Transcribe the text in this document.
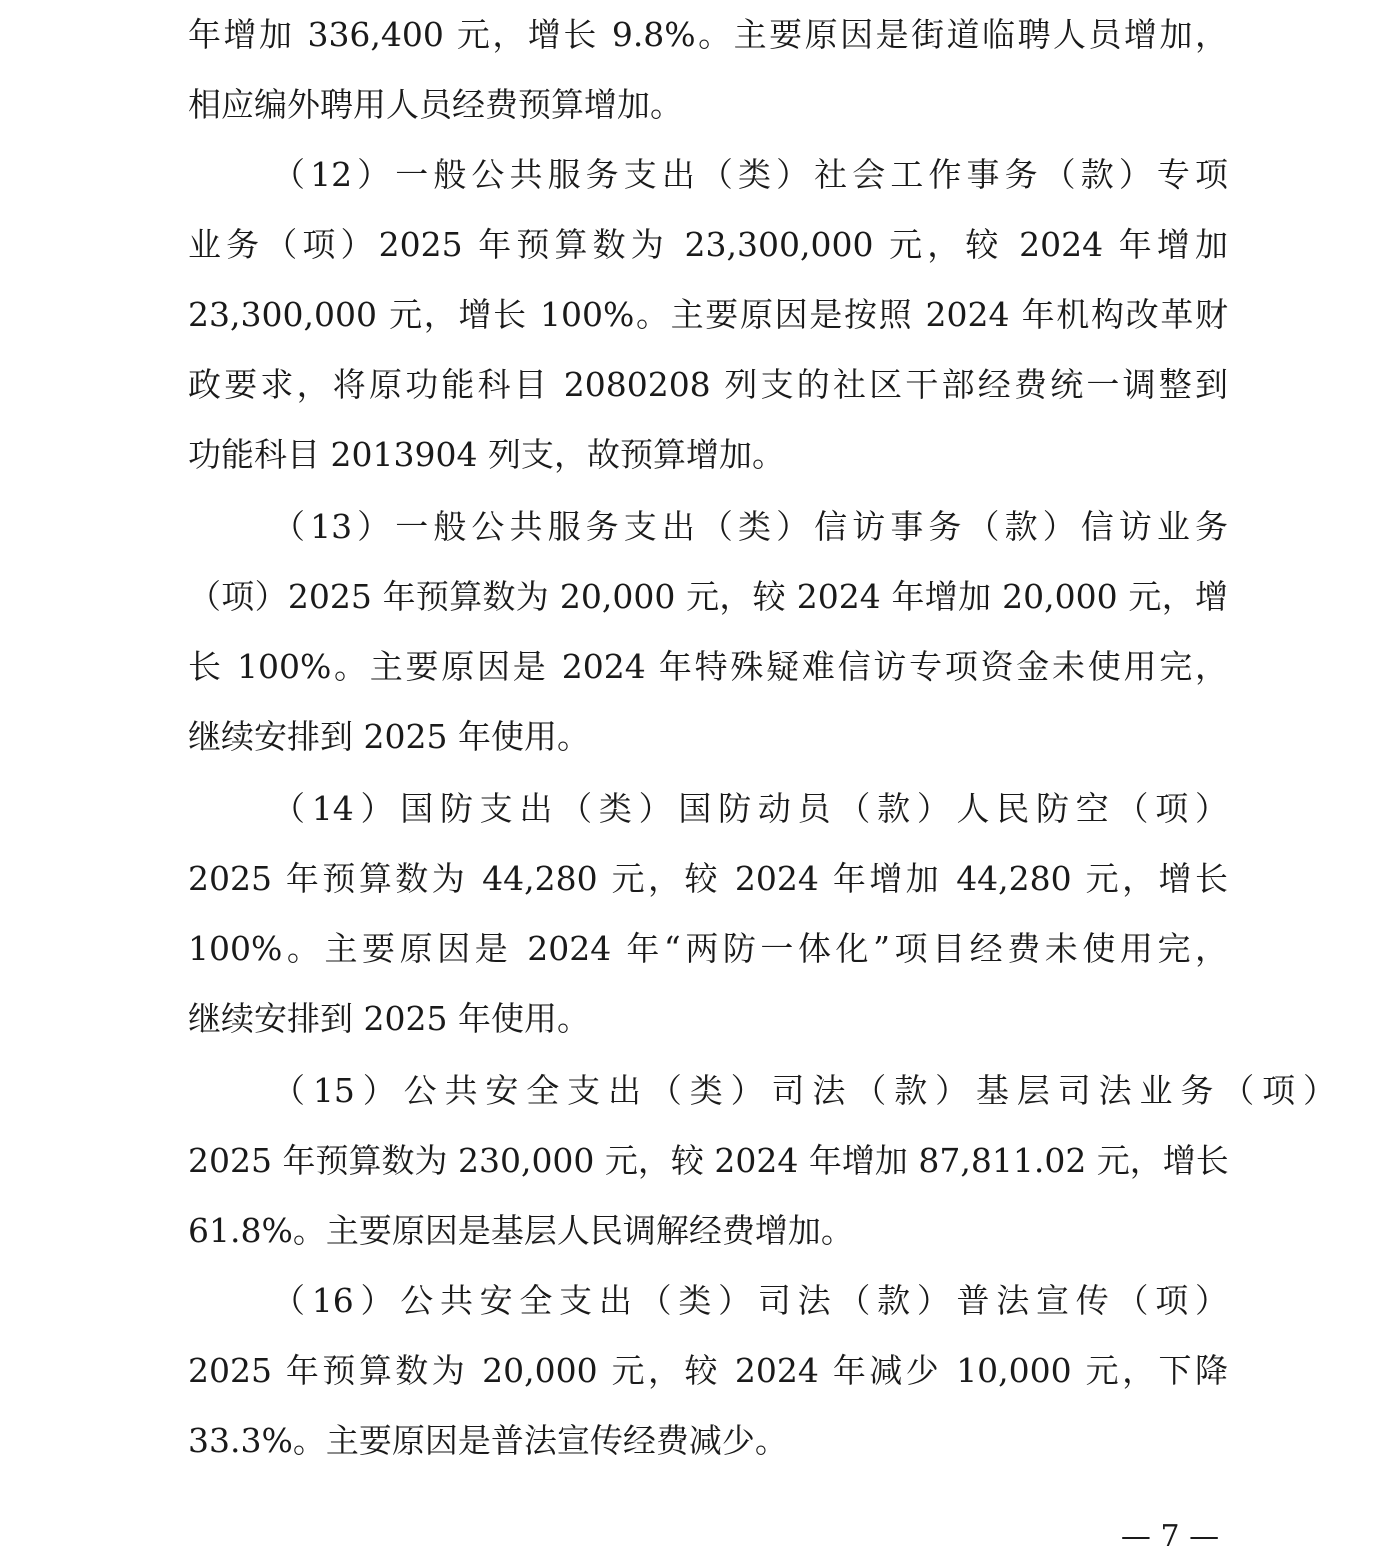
年增加 336,400 元，增长 9.8%。主要原因是街道临聘人员增加，
相应编外聘用人员经费预算增加。
（12）一般公共服务支出（类）社会工作事务（款）专项
业务（项）2025 年预算数为 23,300,000 元，较 2024 年增加
23,300,000 元，增长 100%。主要原因是按照 2024 年机构改革财
政要求，将原功能科目 2080208 列支的社区干部经费统一调整到
功能科目 2013904 列支，故预算增加。
（13）一般公共服务支出（类）信访事务（款）信访业务
（项）2025 年预算数为 20,000 元，较 2024 年增加 20,000 元，增
长 100%。主要原因是 2024 年特殊疑难信访专项资金未使用完，
继续安排到 2025 年使用。
（14）国防支出（类）国防动员（款）人民防空（项）
2025 年预算数为 44,280 元，较 2024 年增加 44,280 元，增长
100%。主要原因是 2024 年“两防一体化”项目经费未使用完，
继续安排到 2025 年使用。
（15）公共安全支出（类）司法（款）基层司法业务（项）
2025 年预算数为 230,000 元，较 2024 年增加 87,811.02 元，增长
61.8%。主要原因是基层人民调解经费增加。
（16）公共安全支出（类）司法（款）普法宣传（项）
2025 年预算数为 20,000 元，较 2024 年减少 10,000 元，下降
33.3%。主要原因是普法宣传经费减少。
— 7 —
